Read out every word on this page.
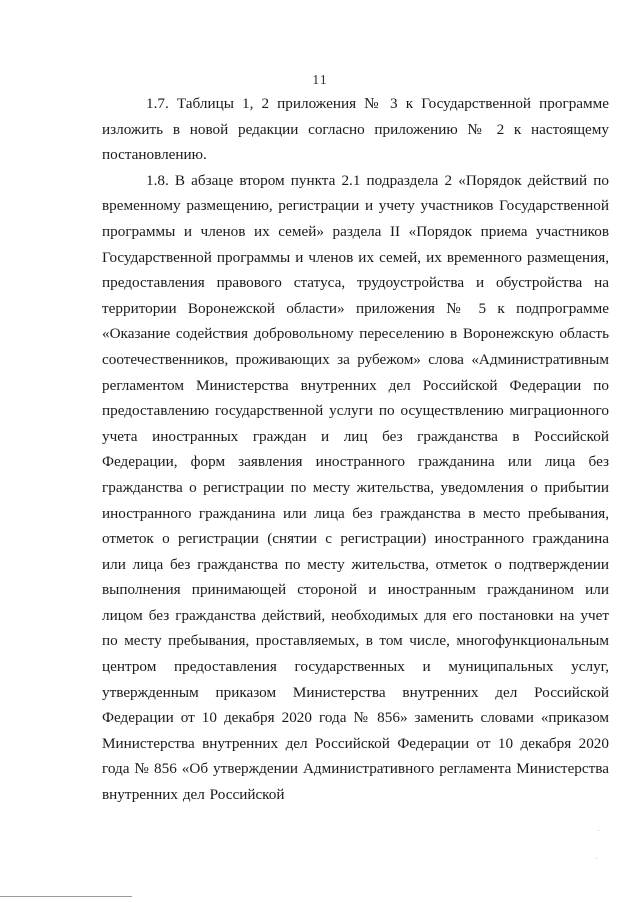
11

1.7. Таблицы 1, 2 приложения № 3 к Государственной программе изложить в новой редакции согласно приложению № 2 к настоящему постановлению.

1.8. В абзаце втором пункта 2.1 подраздела 2 «Порядок действий по временному размещению, регистрации и учету участников Государственной программы и членов их семей» раздела II «Порядок приема участников Государственной программы и членов их семей, их временного размещения, предоставления правового статуса, трудоустройства и обустройства на территории Воронежской области» приложения № 5 к подпрограмме «Оказание содействия добровольному переселению в Воронежскую область соотечественников, проживающих за рубежом» слова «Административным регламентом Министерства внутренних дел Российской Федерации по предоставлению государственной услуги по осуществлению миграционного учета иностранных граждан и лиц без гражданства в Российской Федерации, форм заявления иностранного гражданина или лица без гражданства о регистрации по месту жительства, уведомления о прибытии иностранного гражданина или лица без гражданства в место пребывания, отметок о регистрации (снятии с регистрации) иностранного гражданина или лица без гражданства по месту жительства, отметок о подтверждении выполнения принимающей стороной и иностранным гражданином или лицом без гражданства действий, необходимых для его постановки на учет по месту пребывания, проставляемых, в том числе, многофункциональным центром предоставления государственных и муниципальных услуг, утвержденным приказом Министерства внутренних дел Российской Федерации от 10 декабря 2020 года № 856» заменить словами «приказом Министерства внутренних дел Российской Федерации от 10 декабря 2020 года № 856 «Об утверждении Административного регламента Министерства внутренних дел Российской
